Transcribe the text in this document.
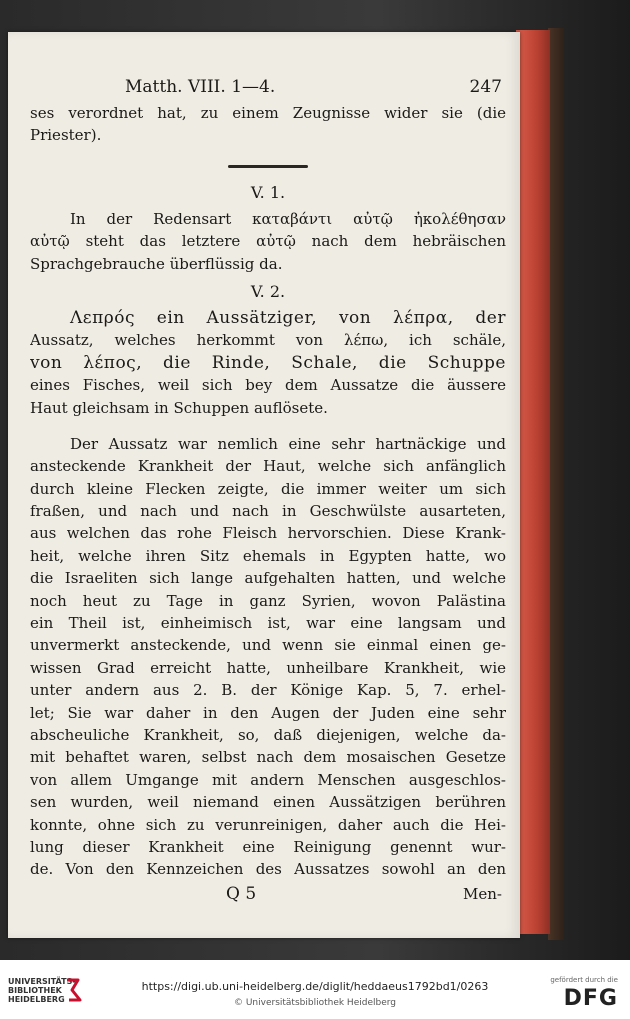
Matth. VIII. 1—4.	247
ses verordnet hat, zu einem Zeugnisse wider sie (die
Priester).
V. 1.
In der Redensart καταβάντι αὐτῷ ἠκολέθησαν
αὐτῷ steht das letztere αὐτῷ nach dem hebräischen
Sprachgebrauche überflüssig da.
V. 2.
Λεπρός ein Aussätziger, von λέπρα, der
Aussatz, welches herkommt von λέπω, ich schäle,
von λέπος, die Rinde, Schale, die Schuppe
eines Fisches, weil sich bey dem Aussatze die äussere
Haut gleichsam in Schuppen auflösete.
Der Aussatz war nemlich eine sehr hartnäckige und
ansteckende Krankheit der Haut, welche sich anfänglich
durch kleine Flecken zeigte, die immer weiter um sich
fraßen, und nach und nach in Geschwülste ausarteten,
aus welchen das rohe Fleisch hervorschien. Diese Krank-
heit, welche ihren Sitz ehemals in Egypten hatte, wo
die Israeliten sich lange aufgehalten hatten, und welche
noch heut zu Tage in ganz Syrien, wovon Palästina
ein Theil ist, einheimisch ist, war eine langsam und
unvermerkt ansteckende, und wenn sie einmal einen ge-
wissen Grad erreicht hatte, unheilbare Krankheit, wie
unter andern aus 2. B. der Könige Kap. 5, 7. erhel-
let; Sie war daher in den Augen der Juden eine sehr
abscheuliche Krankheit, so, daß diejenigen, welche da-
mit behaftet waren, selbst nach dem mosaischen Gesetze
von allem Umgange mit andern Menschen ausgeschlos-
sen wurden, weil niemand einen Aussätzigen berühren
konnte, ohne sich zu verunreinigen, daher auch die Hei-
lung dieser Krankheit eine Reinigung genennt wur-
de. Von den Kennzeichen des Aussatzes sowohl an den
Q 5	Men-
UNIVERSITÄTS-
BIBLIOTHEK
HEIDELBERG
https://digi.ub.uni-heidelberg.de/diglit/heddaeus1792bd1/0263
© Universitätsbibliothek Heidelberg
gefördert durch die
DFG
